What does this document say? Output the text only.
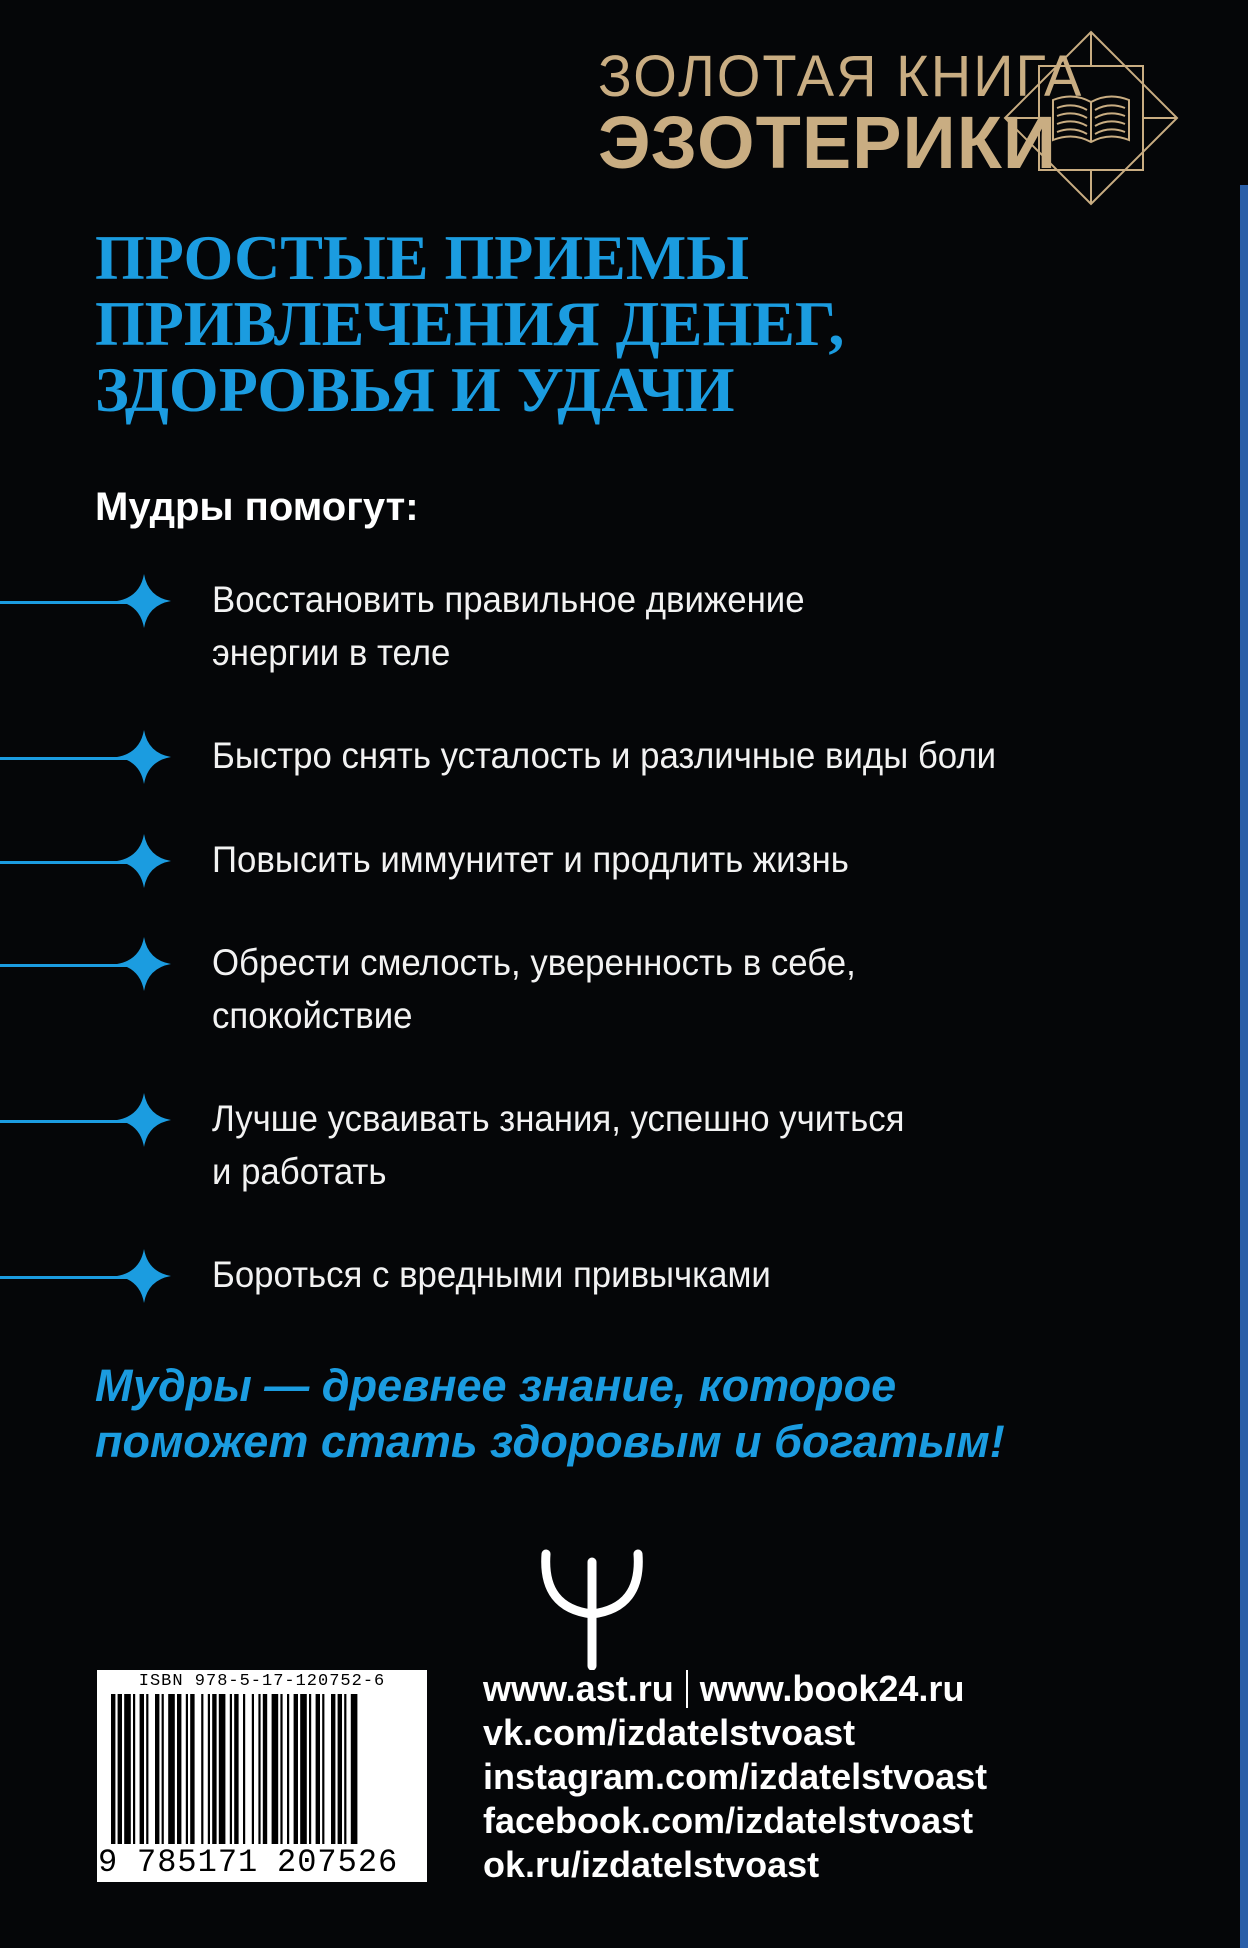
ЗОЛОТАЯ КНИГА
ЭЗОТЕРИКИ
ПРОСТЫЕ ПРИЕМЫ
ПРИВЛЕЧЕНИЯ ДЕНЕГ,
ЗДОРОВЬЯ И УДАЧИ
Мудры помогут:
Восстановить правильное движение
энергии в теле
Быстро снять усталость и различные виды боли
Повысить иммунитет и продлить жизнь
Обрести смелость, уверенность в себе,
спокойствие
Лучше усваивать знания, успешно учиться
и работать
Бороться с вредными привычками
Мудры — древнее знание, которое
поможет стать здоровым и богатым!
ISBN 978-5-17-120752-6
9 785171 207526
www.ast.ru www.book24.ru
vk.com/izdatelstvoast
instagram.com/izdatelstvoast
facebook.com/izdatelstvoast
ok.ru/izdatelstvoast
